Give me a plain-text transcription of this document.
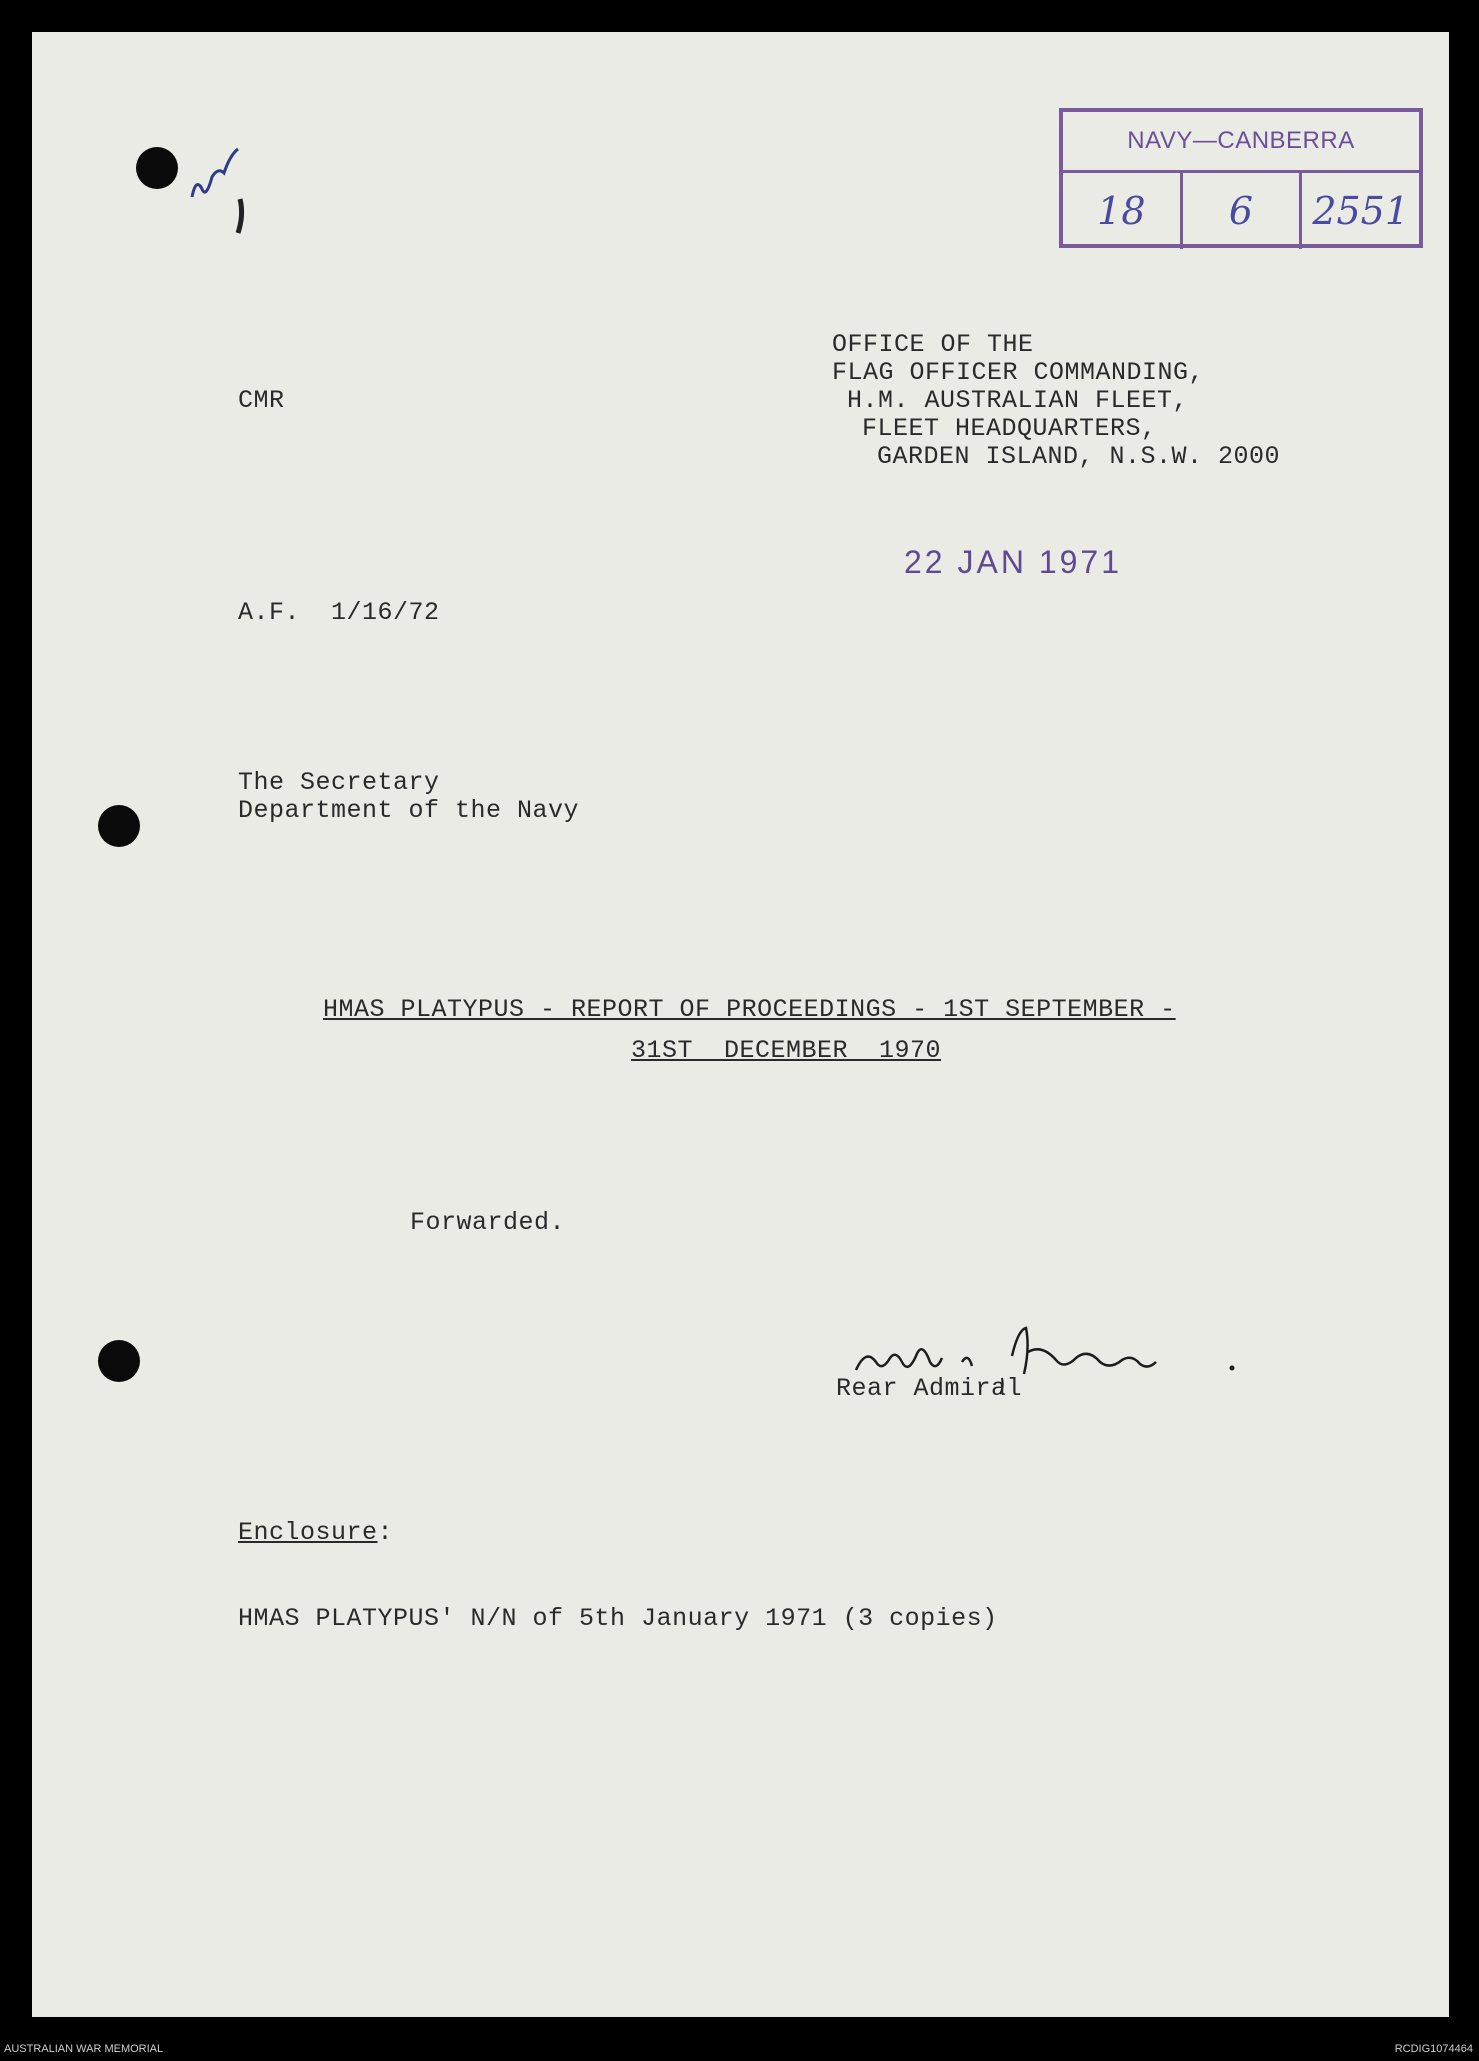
NAVY—CANBERRA
18	6	2551
CMR
OFFICE OF THE
FLAG OFFICER COMMANDING,
H.M. AUSTRALIAN FLEET,
FLEET HEADQUARTERS,
GARDEN ISLAND, N.S.W. 2000
22 JAN 1971
A.F.  1/16/72
The Secretary
Department of the Navy
HMAS PLATYPUS - REPORT OF PROCEEDINGS - 1ST SEPTEMBER -
31ST  DECEMBER  1970
Forwarded.
Rear Admiral
Enclosure:
HMAS PLATYPUS' N/N of 5th January 1971 (3 copies)
AUSTRALIAN WAR MEMORIAL	RCDIG1074464
